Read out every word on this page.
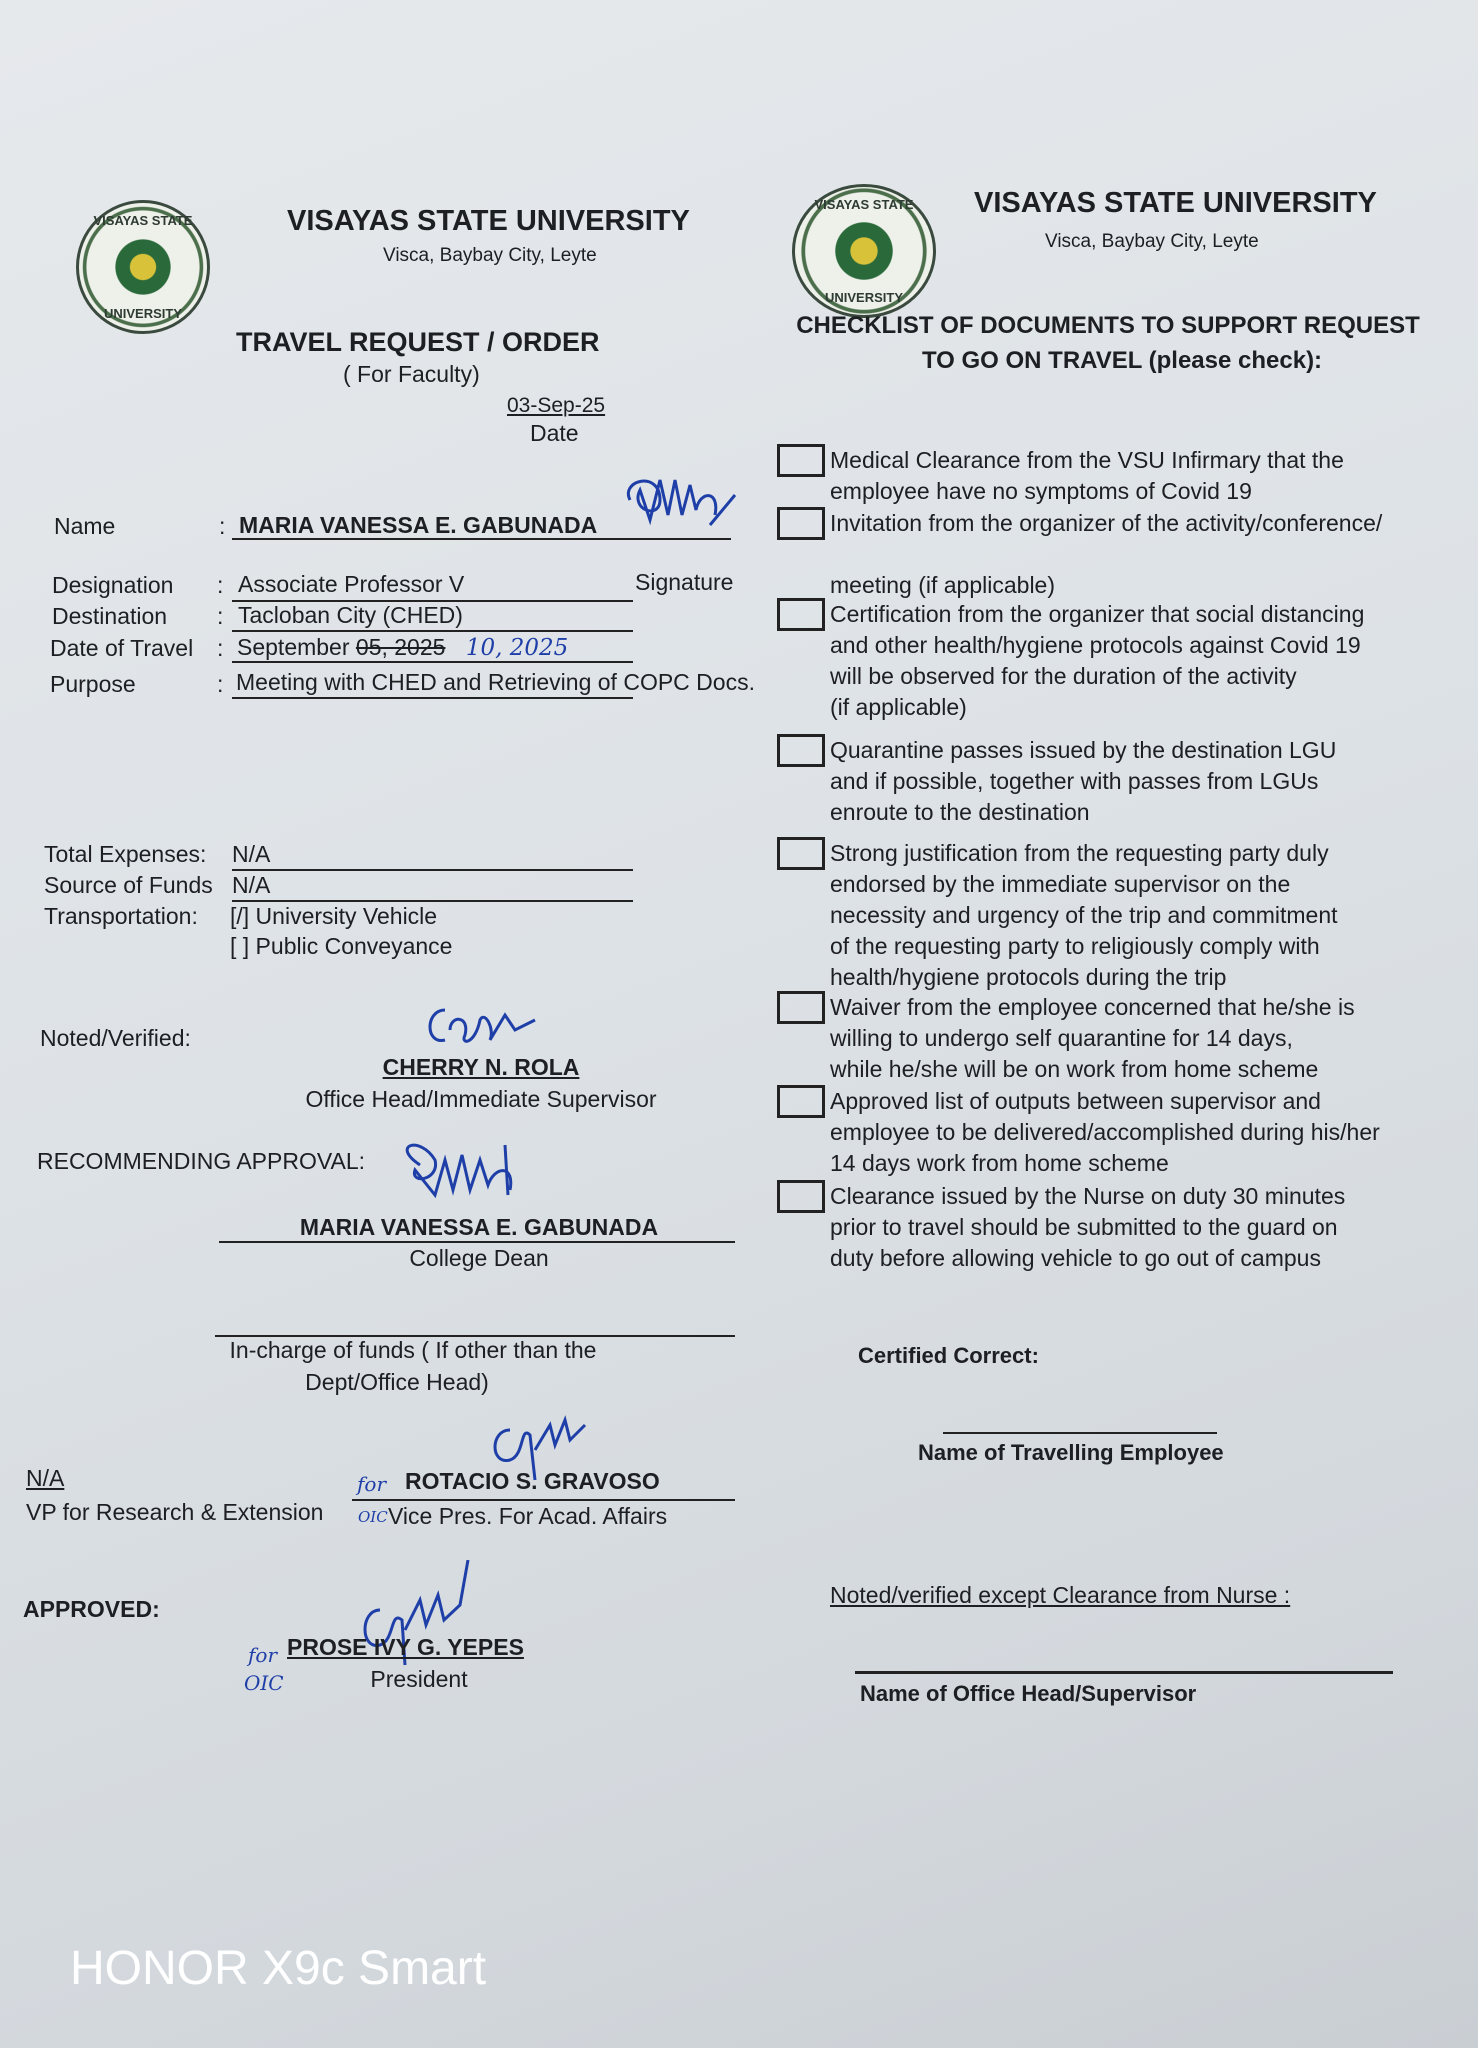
VISAYAS STATE
UNIVERSITY
VISAYAS STATE
UNIVERSITY
VISAYAS STATE UNIVERSITY
Visca, Baybay City, Leyte
TRAVEL REQUEST / ORDER
( For Faculty)
03-Sep-25
Date
Name	: MARIA VANESSA E. GABUNADA
Designation : Associate Professor V	Signature
Destination : Tacloban City (CHED)
Date of Travel : September 05, 2025 10, 2025
Purpose	: Meeting with CHED and Retrieving of COPC Docs.
Total Expenses: N/A
Source of Funds N/A
Transportation: [/] University Vehicle
[ ] Public Conveyance
Noted/Verified:
CHERRY N. ROLA
Office Head/Immediate Supervisor
RECOMMENDING APPROVAL:
MARIA VANESSA E. GABUNADA
College Dean
In-charge of funds ( If other than the
Dept/Office Head)
N/A
VP for Research & Extension
for ROTACIO S. GRAVOSO
OIC Vice Pres. For Acad. Affairs
APPROVED:
for
OIC
PROSE IVY G. YEPES
President
VISAYAS STATE UNIVERSITY
Visca, Baybay City, Leyte
CHECKLIST OF DOCUMENTS TO SUPPORT REQUEST
TO GO ON TRAVEL (please check):
Medical Clearance from the VSU Infirmary that the
employee have no symptoms of Covid 19
Invitation from the organizer of the activity/conference/
meeting (if applicable)
Certification from the organizer that social distancing
and other health/hygiene protocols against Covid 19
will be observed for the duration of the activity
(if applicable)
Quarantine passes issued by the destination LGU
and if possible, together with passes from LGUs
enroute to the destination
Strong justification from the requesting party duly
endorsed by the immediate supervisor on the
necessity and urgency of the trip and commitment
of the requesting party to religiously comply with
health/hygiene protocols during the trip
Waiver from the employee concerned that he/she is
willing to undergo self quarantine for 14 days,
while he/she will be on work from home scheme
Approved list of outputs between supervisor and
employee to be delivered/accomplished during his/her
14 days work from home scheme
Clearance issued by the Nurse on duty 30 minutes
prior to travel should be submitted to the guard on
duty before allowing vehicle to go out of campus
Certified Correct:
Name of Travelling Employee
Noted/verified except Clearance from Nurse :
Name of Office Head/Supervisor
HONOR X9c Smart
